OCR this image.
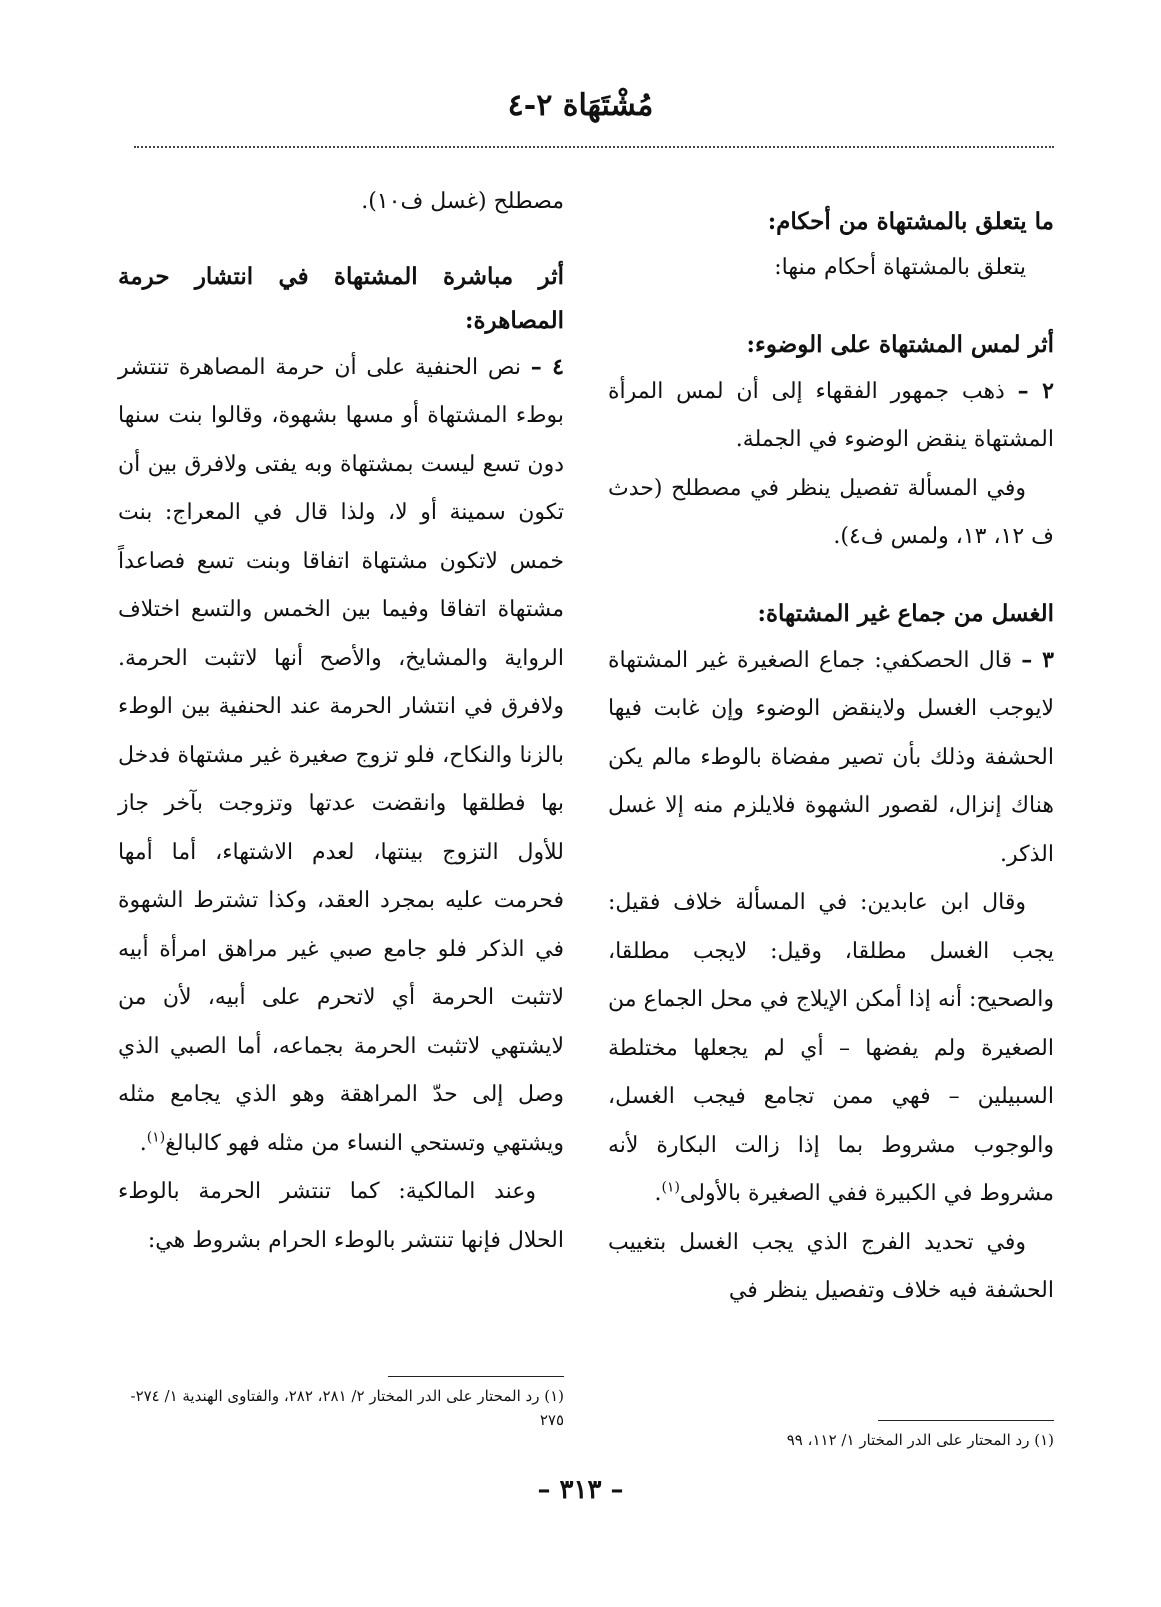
مُشْتَهَاة ٢-٤

ما يتعلق بالمشتهاة من أحكام:

يتعلق بالمشتهاة أحكام منها:

أثر لمس المشتهاة على الوضوء:

٢ – ذهب جمهور الفقهاء إلى أن لمس المرأة المشتهاة ينقض الوضوء في الجملة.

وفي المسألة تفصيل ينظر في مصطلح (حدث ف ١٢، ١٣، ولمس ف٤).

الغسل من جماع غير المشتهاة:

٣ – قال الحصكفي: جماع الصغيرة غير المشتهاة لايوجب الغسل ولاينقض الوضوء وإن غابت فيها الحشفة وذلك بأن تصير مفضاة بالوطء مالم يكن هناك إنزال، لقصور الشهوة فلايلزم منه إلا غسل الذكر.

وقال ابن عابدين: في المسألة خلاف فقيل: يجب الغسل مطلقا، وقيل: لايجب مطلقا، والصحيح: أنه إذا أمكن الإيلاج في محل الجماع من الصغيرة ولم يفضها – أي لم يجعلها مختلطة السبيلين – فهي ممن تجامع فيجب الغسل، والوجوب مشروط بما إذا زالت البكارة لأنه مشروط في الكبيرة ففي الصغيرة بالأولى$^{(١)}$.

وفي تحديد الفرج الذي يجب الغسل بتغييب الحشفة فيه خلاف وتفصيل ينظر في

(١) رد المحتار على الدر المختار ١/ ١١٢، ٩٩

مصطلح (غسل ف١٠).

أثر مباشرة المشتهاة في انتشار حرمة المصاهرة:

٤ – نص الحنفية على أن حرمة المصاهرة تنتشر بوطء المشتهاة أو مسها بشهوة، وقالوا بنت سنها دون تسع ليست بمشتهاة وبه يفتى ولافرق بين أن تكون سمينة أو لا، ولذا قال في المعراج: بنت خمس لاتكون مشتهاة اتفاقا وبنت تسع فصاعداً مشتهاة اتفاقا وفيما بين الخمس والتسع اختلاف الرواية والمشايخ، والأصح أنها لاتثبت الحرمة. ولافرق في انتشار الحرمة عند الحنفية بين الوطء بالزنا والنكاح، فلو تزوج صغيرة غير مشتهاة فدخل بها فطلقها وانقضت عدتها وتزوجت بآخر جاز للأول التزوج بينتها، لعدم الاشتهاء، أما أمها فحرمت عليه بمجرد العقد، وكذا تشترط الشهوة في الذكر فلو جامع صبي غير مراهق امرأة أبيه لاتثبت الحرمة أي لاتحرم على أبيه، لأن من لايشتهي لاتثبت الحرمة بجماعه، أما الصبي الذي وصل إلى حدّ المراهقة وهو الذي يجامع مثله ويشتهي وتستحي النساء من مثله فهو كالبالغ$^{(١)}$.

وعند المالكية: كما تنتشر الحرمة بالوطء الحلال فإنها تنتشر بالوطء الحرام بشروط هي:

(١) رد المحتار على الدر المختار ٢/ ٢٨١، ٢٨٢، والفتاوى الهندية ١/ ٢٧٤- ٢٧٥
– ٣١٣ –
